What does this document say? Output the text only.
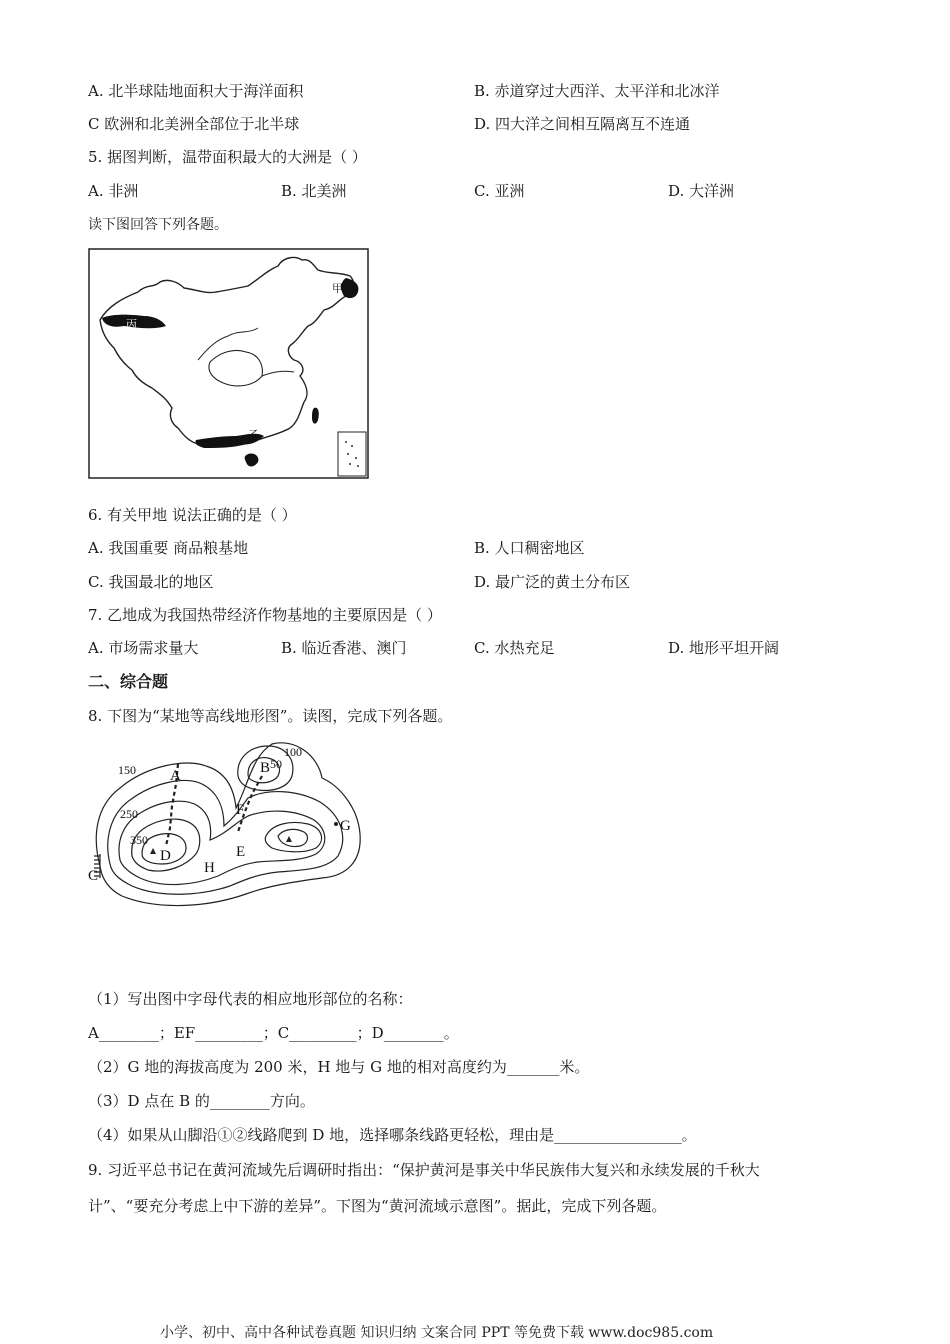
A. 北半球陆地面积大于海洋面积	B. 赤道穿过大西洋、太平洋和北冰洋
C 欧洲和北美洲全部位于北半球	D. 四大洋之间相互隔离互不连通
5. 据图判断，温带面积最大的大洲是（ ）
A. 非洲	B. 北美洲	C. 亚洲	D. 大洋洲
读下图回答下列各题。
甲
丙
乙
6. 有关甲地 说法正确的是（ ）
A. 我国重要 商品粮基地	B. 人口稠密地区
C. 我国最北的地区	D. 最广泛的黄土分布区
7. 乙地成为我国热带经济作物基地的主要原因是（ ）
A. 市场需求量大	B. 临近香港、澳门	C. 水热充足	D. 地形平坦开阔
二、综合题
8. 下图为“某地等高线地形图”。读图，完成下列各题。
150
250
350
100
50
A	B
C
D	E
F
G
H
（1）写出图中字母代表的相应地形部位的名称：
A________；EF_________；C_________；D________。
（2）G 地的海拔高度为 200 米，H 地与 G 地的相对高度约为_______米。
（3）D 点在 B 的________方向。
（4）如果从山脚沿①②线路爬到 D 地，选择哪条线路更轻松，理由是_________________。
9. 习近平总书记在黄河流域先后调研时指出：“保护黄河是事关中华民族伟大复兴和永续发展的千秋大
计”、“要充分考虑上中下游的差异”。下图为“黄河流域示意图”。据此，完成下列各题。
小学、初中、高中各种试卷真题 知识归纳 文案合同 PPT 等免费下载 www.doc985.com
